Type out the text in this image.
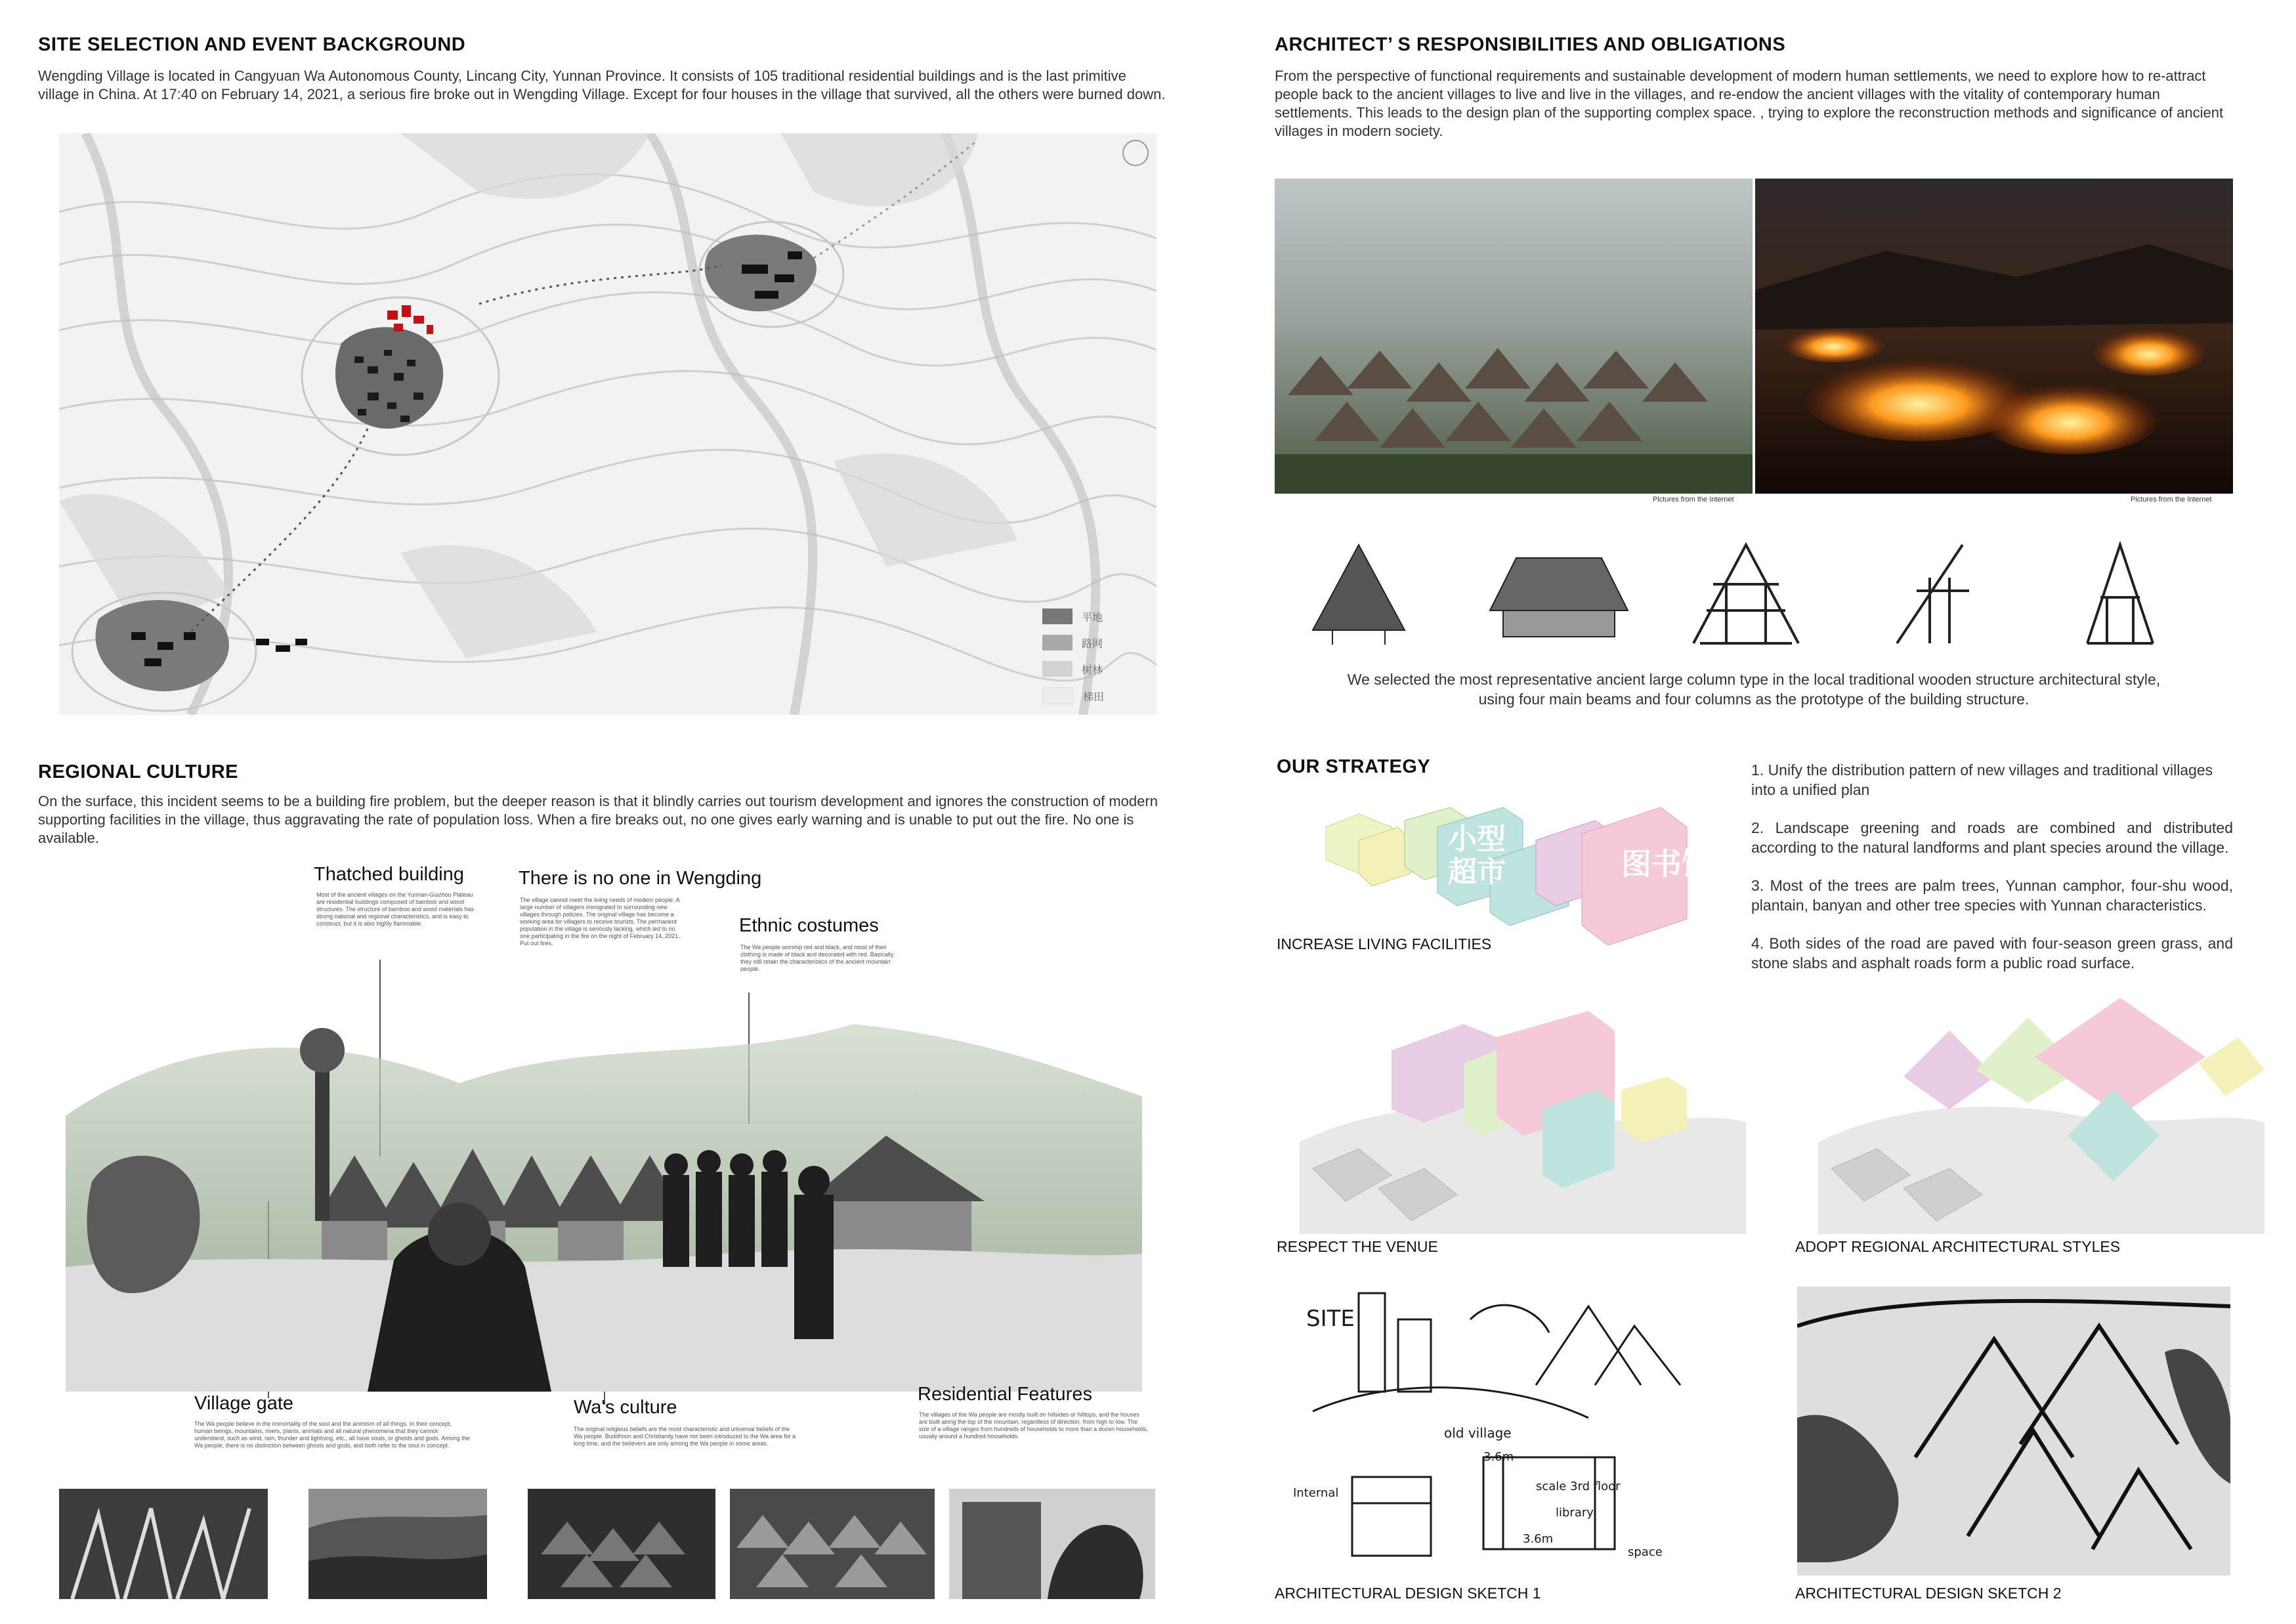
SITE SELECTION AND EVENT BACKGROUND
Wengding Village is located in Cangyuan Wa Autonomous County, Lincang City, Yunnan Province. It consists of 105 traditional residential buildings and is the last primitive village in China. At 17:40 on February 14, 2021, a serious fire broke out in Wengding Village. Except for four houses in the village that survived, all the others were burned down.
平地
路网
树林
梯田
ARCHITECT’ S RESPONSIBILITIES AND OBLIGATIONS
From the perspective of functional requirements and sustainable development of modern human settlements, we need to explore how to re-attract people back to the ancient villages to live and live in the villages, and re-endow the ancient villages with the vitality of contemporary human settlements. This leads to the design plan of the supporting complex space. , trying to explore the reconstruction methods and significance of ancient villages in modern society.
Pictures from the Internet	Pictures from the Internet
We selected the most representative ancient large column type in the local traditional wooden structure architectural style,
using four main beams and four columns as the prototype of the building structure.
REGIONAL CULTURE
On the surface, this incident seems to be a building fire problem, but the deeper reason is that it blindly carries out tourism development and ignores the construction of modern supporting facilities in the village, thus aggravating the rate of population loss. When a fire breaks out, no one gives early warning and is unable to put out the fire. No one is available.
Thatched building
Most of the ancient villages on the Yunnan-Guizhou Plateau are residential buildings composed of bamboo and wood structures. The structure of bamboo and wood materials has strong national and regional characteristics, and is easy to construct, but it is also highly flammable.
There is no one in Wengding
The village cannot meet the living needs of modern people. A large number of villagers immigrated to surrounding new villages through policies. The original village has become a working area for villagers to receive tourists. The permanent population in the village is seriously lacking, which led to no one participating in the fire on the night of February 14, 2021. Put out fires.
Ethnic costumes
The Wa people worship red and black, and most of their clothing is made of black and decorated with red. Basically, they still retain the characteristics of the ancient mountain people.
Village gate
The Wa people believe in the immortality of the soul and the animism of all things. In their concept, human beings, mountains, rivers, plants, animals and all natural phenomena that they cannot understand, such as wind, rain, thunder and lightning, etc., all have souls, or ghosts and gods. Among the Wa people, there is no distinction between ghosts and gods, and both refer to the soul in concept.
Wa's culture
The original religious beliefs are the most characteristic and universal beliefs of the Wa people. Buddhism and Christianity have not been introduced to the Wa area for a long time, and the believers are only among the Wa people in some areas.
Residential Features
The villages of the Wa people are mostly built on hillsides or hilltops, and the houses are built along the top of the mountain, regardless of direction, from high to low. The size of a village ranges from hundreds of households to more than a dozen households, usually around a hundred households.
OUR STRATEGY	1. Unify the distribution pattern of new villages and traditional villages into a unified plan
2. Landscape greening and roads are combined and distributed according to the natural landforms and plant species around the village.
3. Most of the trees are palm trees, Yunnan camphor, four-shu wood, plantain, banyan and other tree species with Yunnan characteristics.
4. Both sides of the road are paved with four-season green grass, and stone slabs and asphalt roads form a public road surface.
小型
超市	图书馆
INCREASE LIVING FACILITIES
RESPECT THE VENUE	ADOPT REGIONAL ARCHITECTURAL STYLES
SITE
old village
3.6m
scale 3rd floor
library
3.6m
space
Internal
ARCHITECTURAL DESIGN SKETCH 1	ARCHITECTURAL DESIGN SKETCH 2
